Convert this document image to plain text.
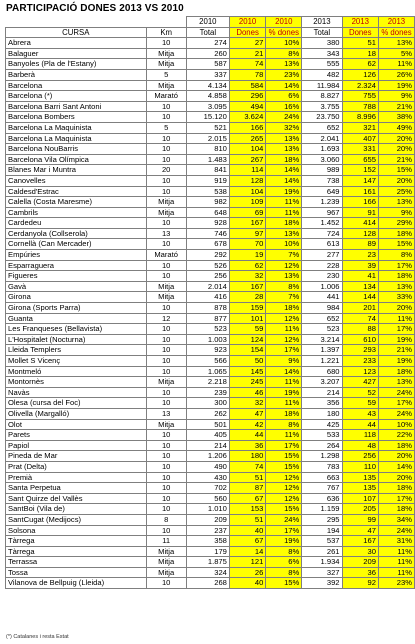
PARTICIPACIÓ DONES 2013 VS 2010
		2010	2010	2010	2013	2013	2013
CURSA	Km	Total	Dones	% dones	Total	Dones	% dones
Abrera	10	274	27	10%	380	51	13%
Balaguer	Mitja	260	21	8%	343	18	5%
Banyoles (Pla de l'Estany)	Mitja	587	74	13%	555	62	11%
Barberà	5	337	78	23%	482	126	26%
Barcelona	Mitja	4.134	584	14%	11.984	2.324	19%
Barcelona (*)	Marató	4.858	296	6%	8.827	755	9%
Barcelona Barri Sant Antoni	10	3.095	494	16%	3.755	788	21%
Barcelona Bombers	10	15.120	3.624	24%	23.750	8.996	38%
Barcelona La Maquinista	5	521	166	32%	652	321	49%
Barcelona La Maquinista	10	2.015	265	13%	2.041	407	20%
Barcelona NouBarris	10	810	104	13%	1.693	331	20%
Barcelona Vila Olímpica	10	1.483	267	18%	3.060	655	21%
Blanes Mar i Muntra	20	841	114	14%	989	152	15%
Canovelles	10	919	128	14%	738	147	20%
Caldesd'Estrac	10	538	104	19%	649	161	25%
Calella (Costa Maresme)	Mitja	982	109	11%	1.239	166	13%
Cambrils	Mitja	648	69	11%	967	91	9%
Cardedeu	10	928	167	18%	1.452	414	29%
Cerdanyola (Collserola)	13	746	97	13%	724	128	18%
Cornellà (Can Mercader)	10	678	70	10%	613	89	15%
Empúries	Marató	292	19	7%	277	23	8%
Esparraguera	10	526	62	12%	228	39	17%
Figueres	10	256	32	13%	230	41	18%
Gavà	Mitja	2.014	167	8%	1.006	134	13%
Girona	Mitja	416	28	7%	441	144	33%
Girona (Sports Parra)	10	878	159	18%	984	201	20%
Guanta	12	877	101	12%	652	74	11%
Les Franqueses (Bellavista)	10	523	59	11%	523	88	17%
L'Hospitalet (Nocturna)	10	1.003	124	12%	3.214	610	19%
Lleida Templers	10	923	154	17%	1.397	293	21%
Mollet S Vicenç	10	566	50	9%	1.221	233	19%
Montmeló	10	1.065	145	14%	680	123	18%
Montornès	Mitja	2.218	245	11%	3.207	427	13%
Navàs	10	239	46	19%	214	52	24%
Olesa (cursa del Foc)	10	300	32	11%	356	59	17%
Olivella (Margalló)	13	262	47	18%	180	43	24%
Olot	Mitja	501	42	8%	425	44	10%
Parets	10	405	44	11%	533	118	22%
Papiol	10	214	36	17%	264	48	18%
Pineda de Mar	10	1.206	180	15%	1.298	256	20%
Prat (Delta)	10	490	74	15%	783	110	14%
Premià	10	430	51	12%	663	135	20%
Santa Perpetua	10	702	87	12%	767	135	18%
Sant Quirze del Vallès	10	560	67	12%	636	107	17%
SantBoi (Vila de)	10	1.010	153	15%	1.159	205	18%
SantCugat (Medijocs)	8	209	51	24%	295	99	34%
Solsona	10	237	40	17%	194	47	24%
Tàrrega	11	358	67	19%	537	167	31%
Tàrrega	Mitja	179	14	8%	261	30	11%
Terrassa	Mitja	1.875	121	6%	1.934	209	11%
Tossa	Mitja	324	26	8%	327	36	11%
Vilanova de Bellpuig (Lleida)	10	268	40	15%	392	92	23%
(*) Catalanes i resta Estat
